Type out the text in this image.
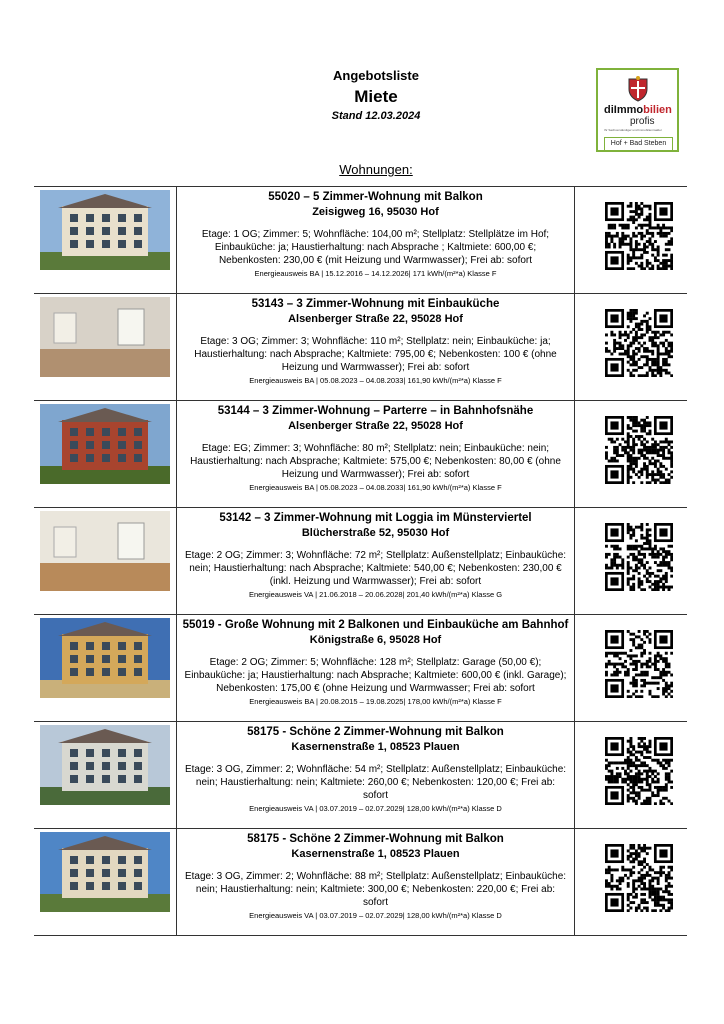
Angebotsliste
Miete
Stand 12.03.2024	diImmobilien
profis
Ihr Sachverständiger und Immobilienmakler
Hof + Bad Steben
Wohnungen:

55020 – 5 Zimmer-Wohnung mit Balkon
Zeisigweg 16, 95030 Hof
Etage: 1 OG; Zimmer: 5; Wohnfläche: 104,00 m²; Stellplatz: Stellplätze im Hof; Einbauküche: ja; Haustierhaltung: nach Absprache ; Kaltmiete: 600,00 €; Nebenkosten: 230,00 € (mit Heizung und Warmwasser); Frei ab: sofort
Energieausweis BA | 15.12.2016 – 14.12.2026| 171 kWh/(m²*a) Klasse F

53143 – 3 Zimmer-Wohnung mit Einbauküche
Alsenberger Straße 22, 95028 Hof
Etage: 3 OG; Zimmer: 3; Wohnfläche: 110 m²; Stellplatz: nein; Einbauküche: ja; Haustierhaltung: nach Absprache; Kaltmiete: 795,00 €; Nebenkosten: 100 € (ohne Heizung und Warmwasser); Frei ab: sofort
Energieausweis BA | 05.08.2023 – 04.08.2033| 161,90 kWh/(m²*a) Klasse F

53144 – 3 Zimmer-Wohnung – Parterre – in Bahnhofsnähe
Alsenberger Straße 22, 95028 Hof
Etage: EG; Zimmer: 3; Wohnfläche: 80 m²; Stellplatz: nein; Einbauküche: nein; Haustierhaltung: nach Absprache; Kaltmiete: 575,00 €; Nebenkosten: 80,00 € (ohne Heizung und Warmwasser); Frei ab: sofort
Energieausweis BA | 05.08.2023 – 04.08.2033| 161,90 kWh/(m²*a) Klasse F

53142 – 3 Zimmer-Wohnung mit Loggia im Münsterviertel
Blücherstraße 52, 95030 Hof
Etage: 2 OG; Zimmer: 3; Wohnfläche: 72 m²; Stellplatz: Außenstellplatz; Einbauküche: nein; Haustierhaltung: nach Absprache; Kaltmiete: 540,00 €; Nebenkosten: 230,00 € (inkl. Heizung und Warmwasser); Frei ab: sofort
Energieausweis VA | 21.06.2018 – 20.06.2028| 201,40 kWh/(m²*a) Klasse G

55019 - Große Wohnung mit 2 Balkonen und Einbauküche am Bahnhof
Königstraße 6, 95028 Hof
Etage: 2 OG; Zimmer: 5; Wohnfläche: 128 m²; Stellplatz: Garage (50,00 €); Einbauküche: ja; Haustierhaltung: nach Absprache; Kaltmiete: 600,00 € (inkl. Garage); Nebenkosten: 175,00 € (ohne Heizung und Warmwasser; Frei ab: sofort
Energieausweis BA | 20.08.2015 – 19.08.2025| 178,00 kWh/(m²*a) Klasse F

58175 - Schöne 2 Zimmer-Wohnung mit Balkon
Kasernenstraße 1, 08523 Plauen
Etage: 3 OG, Zimmer: 2; Wohnfläche: 54 m²; Stellplatz: Außenstellplatz; Einbauküche: nein; Haustierhaltung: nein; Kaltmiete: 260,00 €; Nebenkosten: 120,00 €; Frei ab: sofort
Energieausweis VA | 03.07.2019 – 02.07.2029| 128,00 kWh/(m²*a) Klasse D

58175 - Schöne 2 Zimmer-Wohnung mit Balkon
Kasernenstraße 1, 08523 Plauen
Etage: 3 OG, Zimmer: 2; Wohnfläche: 88 m²; Stellplatz: Außenstellplatz; Einbauküche: nein; Haustierhaltung: nein; Kaltmiete: 300,00 €; Nebenkosten: 220,00 €; Frei ab: sofort
Energieausweis VA | 03.07.2019 – 02.07.2029| 128,00 kWh/(m²*a) Klasse D
